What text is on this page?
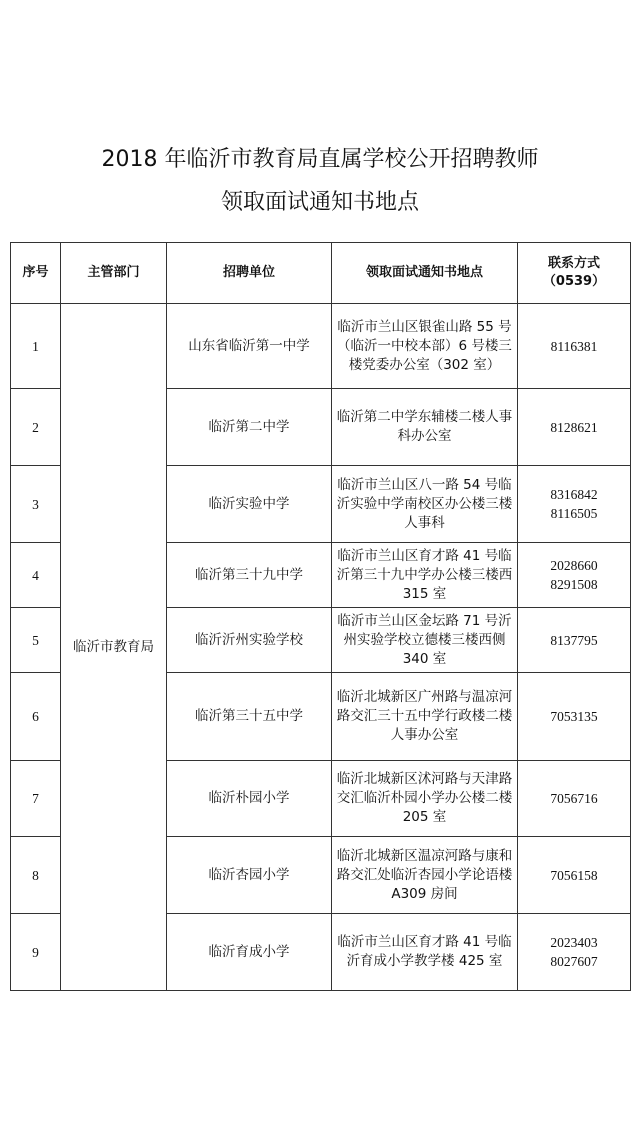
2018 年临沂市教育局直属学校公开招聘教师
领取面试通知书地点
序号	主管部门	招聘单位	领取面试通知书地点	联系方式
（0539）

1	临沂市教育局	山东省临沂第一中学	临沂市兰山区银雀山路 55 号（临沂一中校本部）6 号楼三楼党委办公室（302 室）	8116381

2		临沂第二中学	临沂第二中学东辅楼二楼人事科办公室	8128621

3		临沂实验中学	临沂市兰山区八一路 54 号临沂实验中学南校区办公楼三楼人事科	8316842
8116505

4		临沂第三十九中学	临沂市兰山区育才路 41 号临沂第三十九中学办公楼三楼西 315 室	2028660
8291508

5		临沂沂州实验学校	临沂市兰山区金坛路 71 号沂州实验学校立德楼三楼西侧 340 室	8137795

6		临沂第三十五中学	临沂北城新区广州路与温凉河路交汇三十五中学行政楼二楼人事办公室	7053135

7		临沂朴园小学	临沂北城新区沭河路与天津路交汇临沂朴园小学办公楼二楼 205 室	7056716

8		临沂杏园小学	临沂北城新区温凉河路与康和路交汇处临沂杏园小学论语楼 A309 房间	7056158

9		临沂育成小学	临沂市兰山区育才路 41 号临沂育成小学教学楼 425 室	2023403
8027607
